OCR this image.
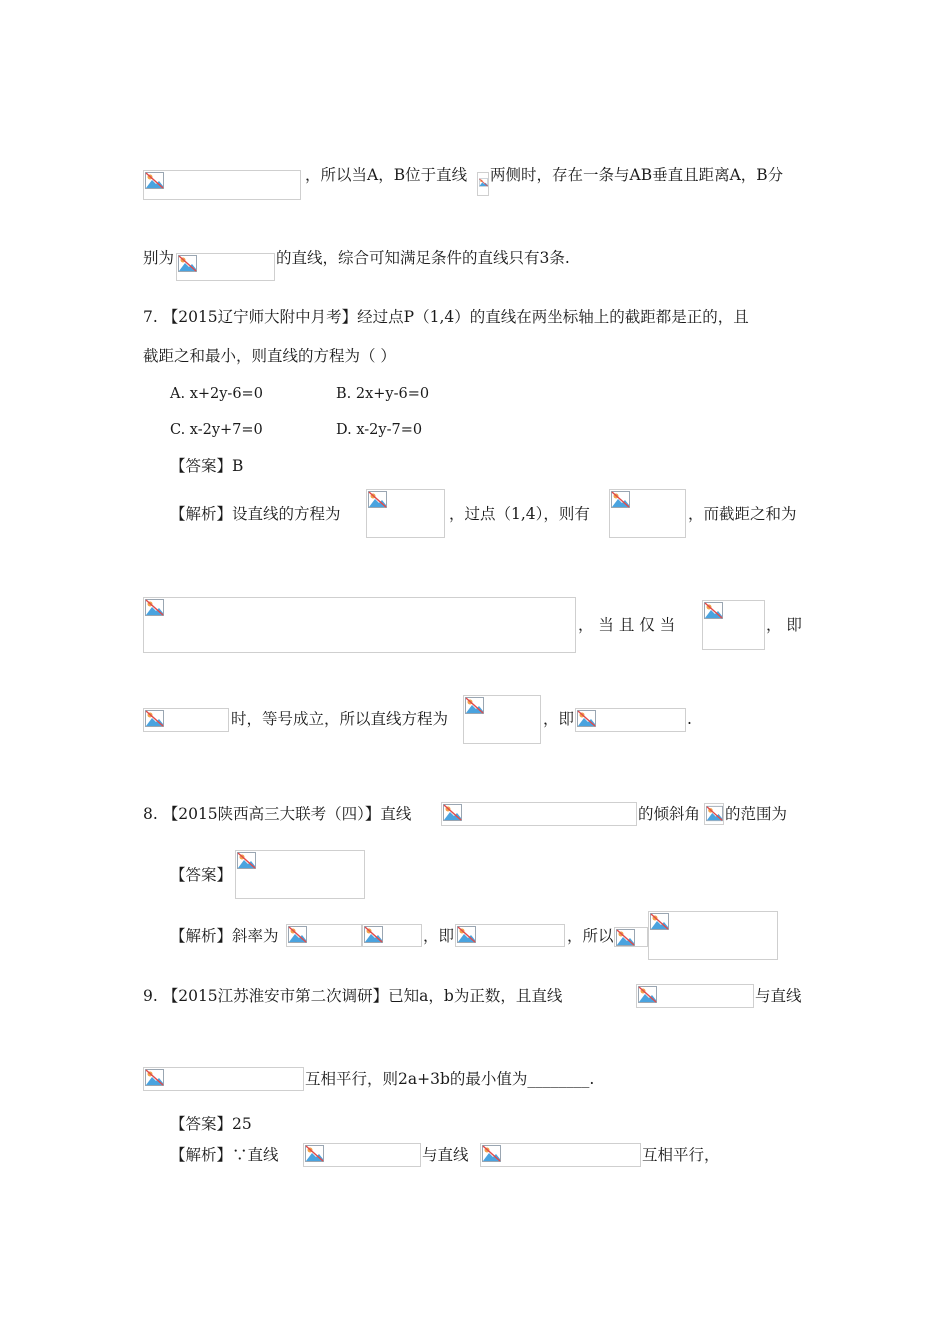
，所以当A，B位于直线 两侧时，存在一条与AB垂直且距离A，B分
别为	的直线，综合可知满足条件的直线只有3条.
7. 【2015辽宁师大附中月考】经过点P（1,4）的直线在两坐标轴上的截距都是正的，且
截距之和最小，则直线的方程为（ ）
A. x+2y-6=0	B. 2x+y-6=0
C. x-2y+7=0	D. x-2y-7=0
【答案】B
【解析】设直线的方程为	，过点（1,4），则有	，而截距之和为
， 当 且 仅 当	， 即
时，等号成立，所以直线方程为	，即	.
8. 【2015陕西高三大联考（四）】直线	的倾斜角 的范围为
【答案】
【解析】斜率为	，即	，所以
9. 【2015江苏淮安市第二次调研】已知a，b为正数，且直线	与直线
互相平行，则2a+3b的最小值为________.
【答案】25
【解析】∵直线	与直线	互相平行，
